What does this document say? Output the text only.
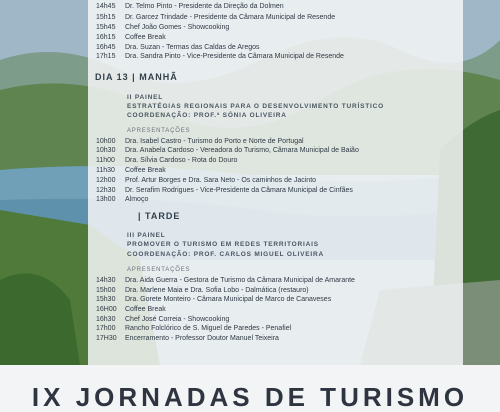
14h45 Dr. Telmo Pinto - Presidente da Direção da Dolmen
15h15 Dr. Garcez Trindade - Presidente da Câmara Municipal de Resende
15h45 Chef João Gomes - Showcooking
16h15 Coffee Break
16h45 Dra. Suzan - Termas das Caldas de Aregos
17h15 Dra. Sandra Pinto - Vice-Presidente da Câmara Municipal de Resende
DIA 13 | MANHÃ
II PAINEL
ESTRATÉGIAS REGIONAIS PARA O DESENVOLVIMENTO TURÍSTICO
COORDENAÇÃO: PROF.ª SÓNIA OLIVEIRA
APRESENTAÇÕES
10h00 Dra. Isabel Castro - Turismo do Porto e Norte de Portugal
10h30 Dra. Anabela Cardoso - Vereadora do Turismo, Câmara Municipal de Baião
11h00 Dra. Sílvia Cardoso - Rota do Douro
11h30 Coffee Break
12h00 Prof. Artur Borges e Dra. Sara Neto - Os caminhos de Jacinto
12h30 Dr. Serafim Rodrigues - Vice-Presidente da Câmara Municipal de Cinfães
13h00 Almoço
| TARDE
III PAINEL
PROMOVER O TURISMO EM REDES TERRITORIAIS
COORDENAÇÃO: PROF. CARLOS MIGUEL OLIVEIRA
APRESENTAÇÕES
14h30 Dra. Aida Guerra - Gestora de Turismo da Câmara Municipal de Amarante
15h00 Dra. Marlene Maia e Dra. Sofia Lobo - Dalmática (restauro)
15h30 Dra. Gorete Monteiro - Câmara Municipal de Marco de Canaveses
16H00 Coffee Break
16h30 Chef José Correia - Showcooking
17h00 Rancho Folclórico de S. Miguel de Paredes - Penafiel
17H30 Encerramento - Professor Doutor Manuel Teixeira
IX JORNADAS DE TURISMO
